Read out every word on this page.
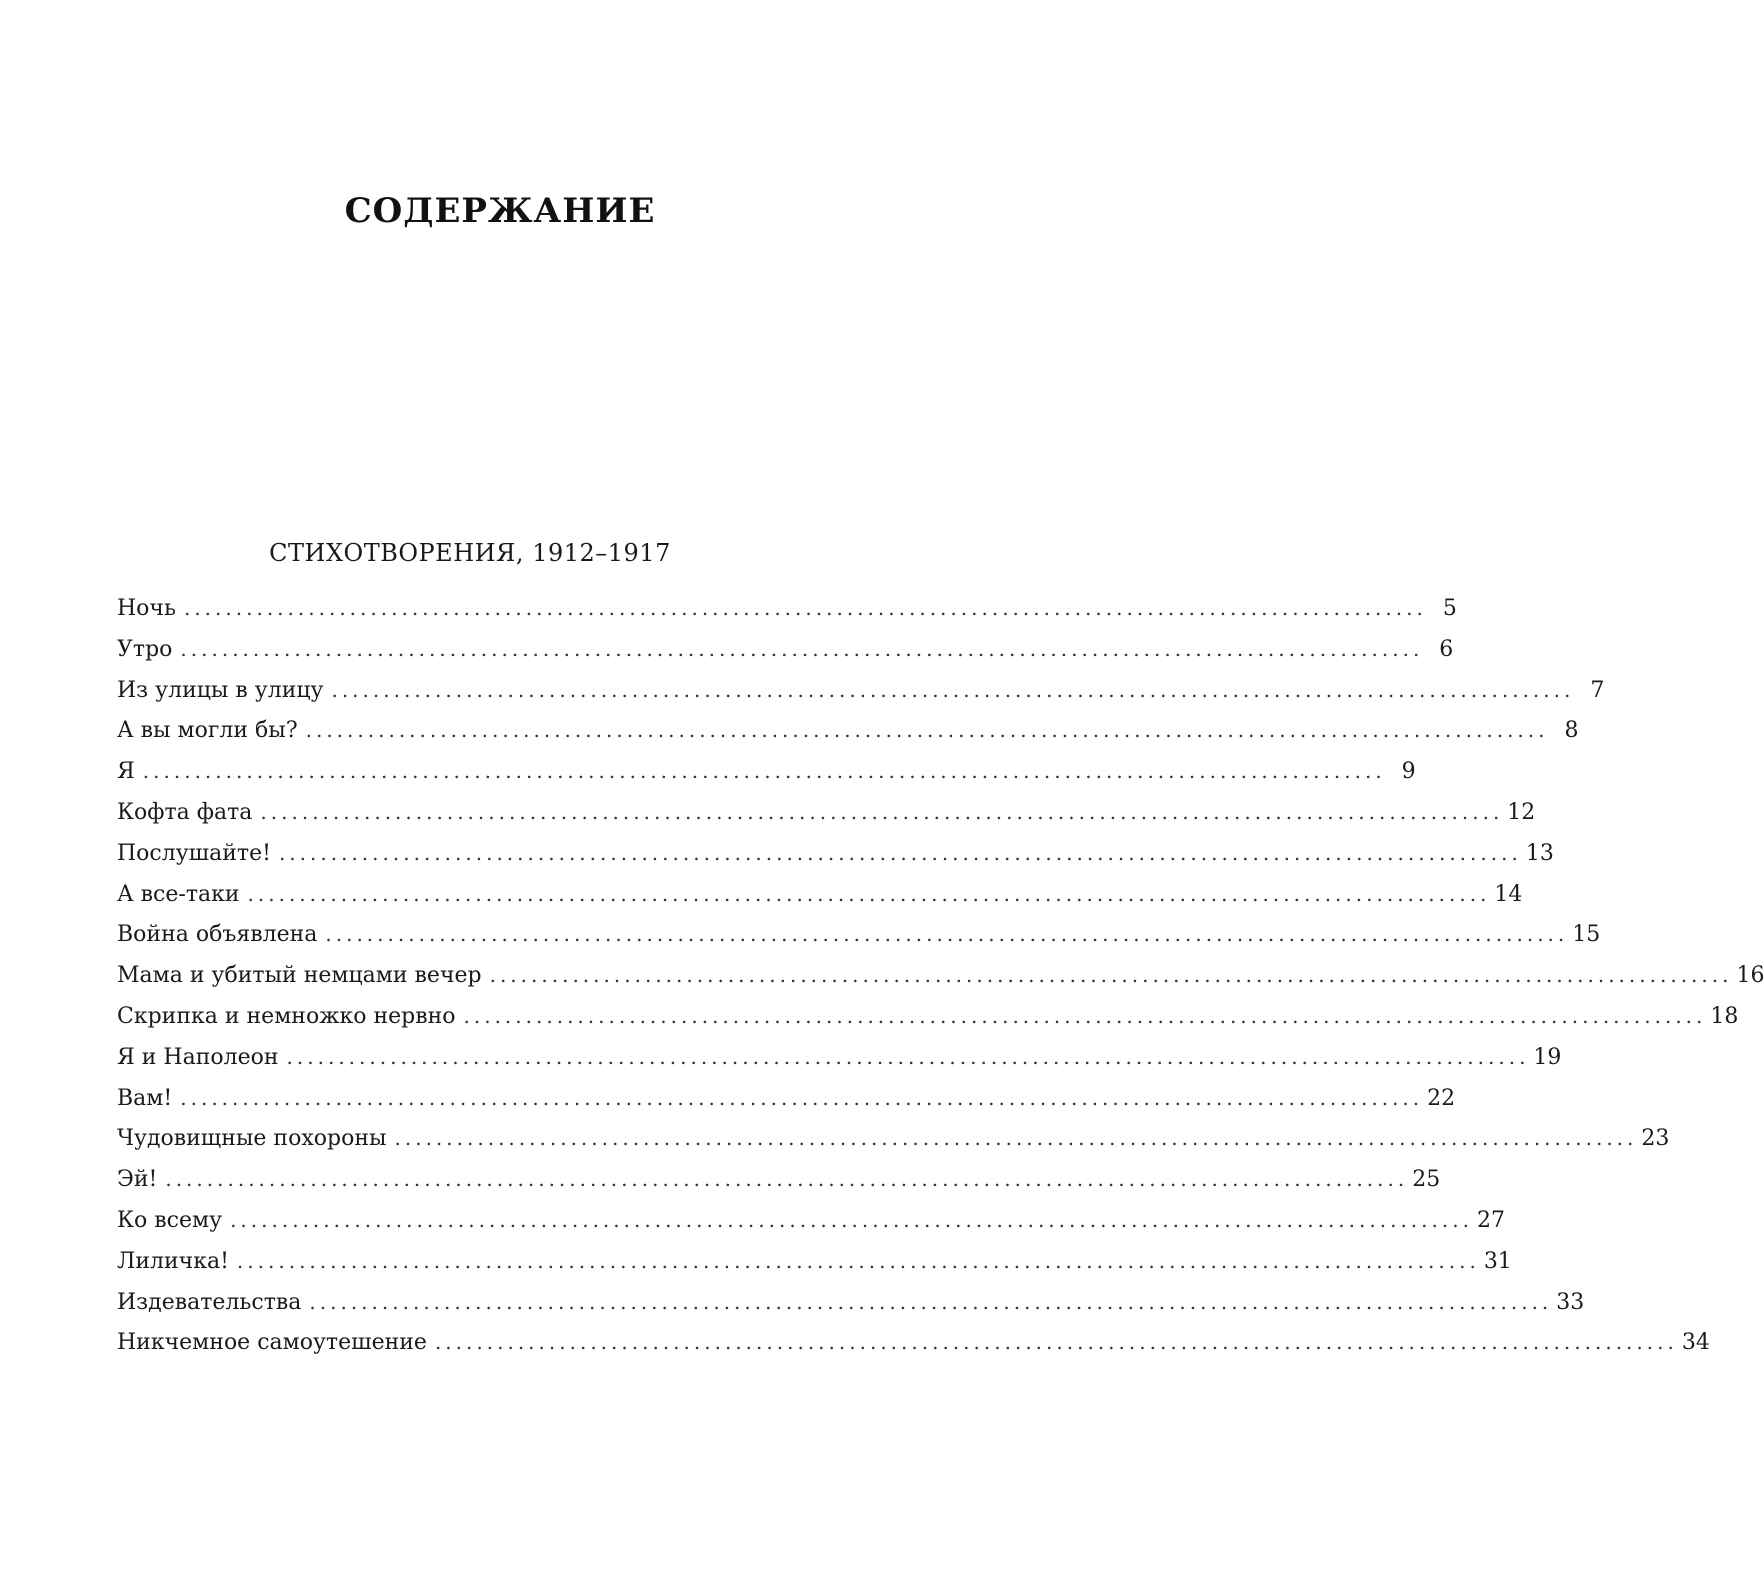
СОДЕРЖАНИЕ
СТИХОТВОРЕНИЯ, 1912–1917
Ночь ........................................................................................................................ 5
Утро ........................................................................................................................ 6
Из улицы в улицу ........................................................................................................................ 7
А вы могли бы? ........................................................................................................................ 8
Я ........................................................................................................................ 9
Кофта фата ........................................................................................................................ 12
Послушайте! ........................................................................................................................ 13
А все-таки ........................................................................................................................ 14
Война объявлена ........................................................................................................................ 15
Мама и убитый немцами вечер ........................................................................................................................ 16
Скрипка и немножко нервно ........................................................................................................................ 18
Я и Наполеон ........................................................................................................................ 19
Вам! ........................................................................................................................ 22
Чудовищные похороны ........................................................................................................................ 23
Эй! ........................................................................................................................ 25
Ко всему ........................................................................................................................ 27
Лиличка! ........................................................................................................................ 31
Издевательства ........................................................................................................................ 33
Никчемное самоутешение ........................................................................................................................ 34
